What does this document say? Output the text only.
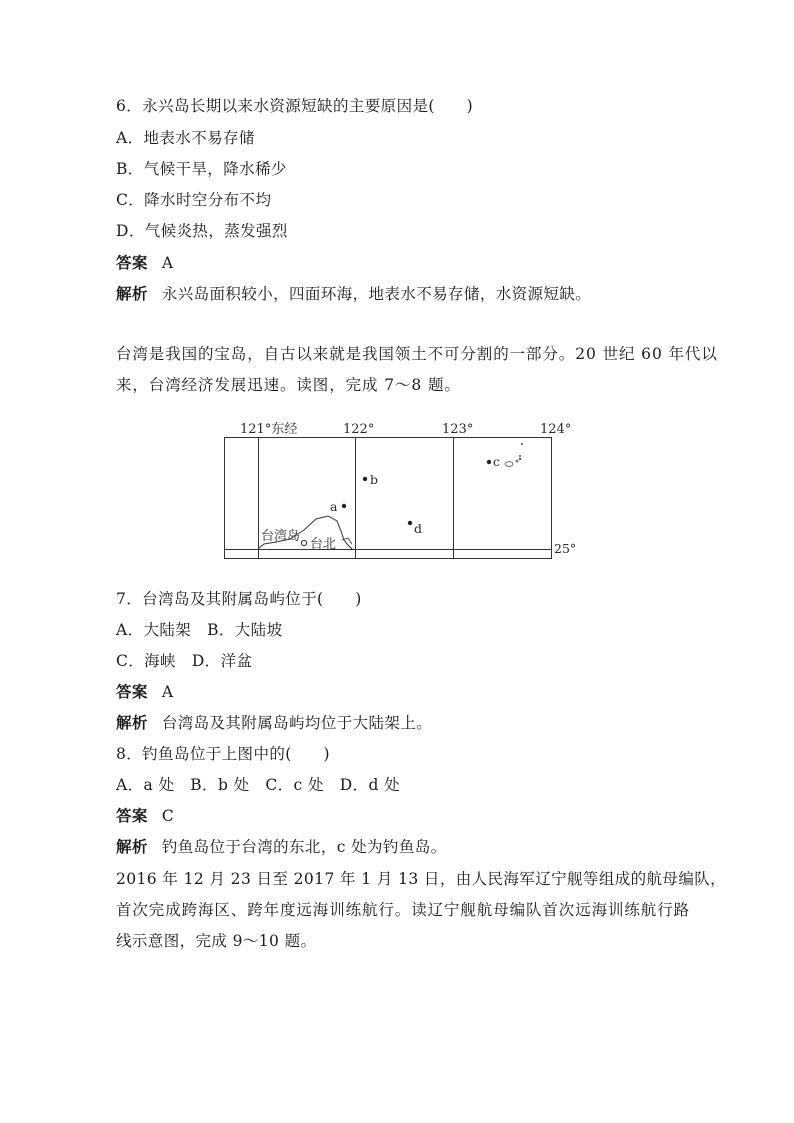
6．永兴岛长期以来水资源短缺的主要原因是(　　)
A．地表水不易存储
B．气候干旱，降水稀少
C．降水时空分布不均
D．气候炎热，蒸发强烈
答案 A
解析 永兴岛面积较小，四面环海，地表水不易存储，水资源短缺。
台湾是我国的宝岛，自古以来就是我国领土不可分割的一部分。20 世纪 60 年代以
来，台湾经济发展迅速。读图，完成 7～8 题。
121°东经	122°	123°	124°
25°
台湾岛
台北
a
b
c
d
7．台湾岛及其附属岛屿位于(　　)
A．大陆架　B．大陆坡
C．海峡　D．洋盆
答案 A
解析 台湾岛及其附属岛屿均位于大陆架上。
8．钓鱼岛位于上图中的(　　)
A．a 处　B．b 处　C．c 处　D．d 处
答案 C
解析 钓鱼岛位于台湾的东北，c 处为钓鱼岛。
2016 年 12 月 23 日至 2017 年 1 月 13 日，由人民海军辽宁舰等组成的航母编队，
首次完成跨海区、跨年度远海训练航行。读辽宁舰航母编队首次远海训练航行路
线示意图，完成 9～10 题。
